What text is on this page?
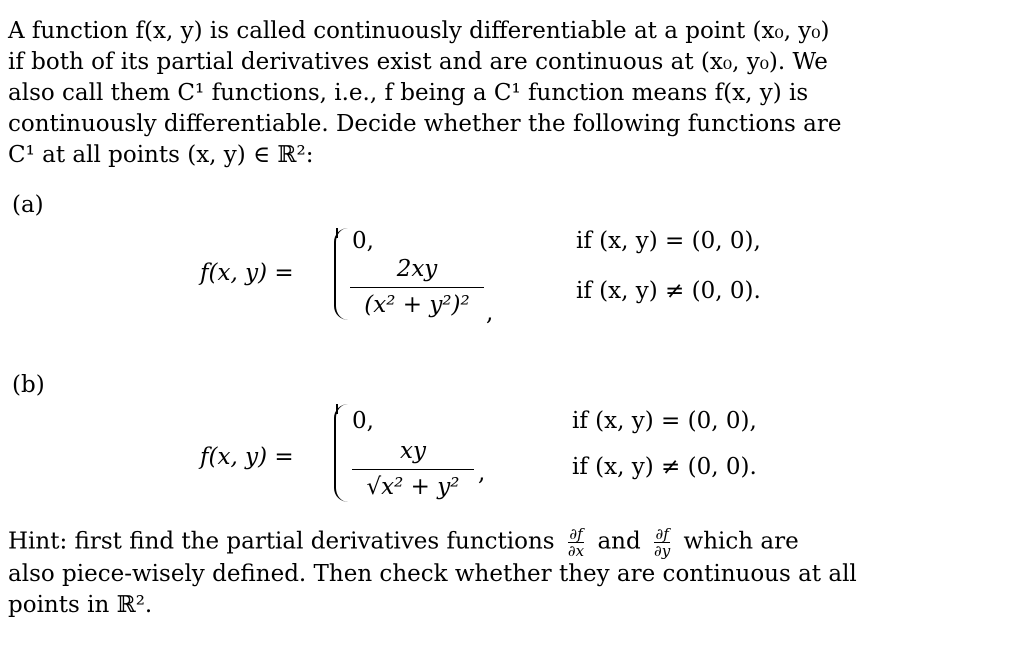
A function f(x, y) is called continuously differentiable at a point (x₀, y₀)
if both of its partial derivatives exist and are continuous at (x₀, y₀). We
also call them C¹ functions, i.e., f being a C¹ function means f(x, y) is
continuously differentiable. Decide whether the following functions are
C¹ at all points (x, y) ∈ ℝ²:
(a)
f(x, y) =
0,	if (x, y) = (0, 0),
2xy
(x² + y²)² ,
if (x, y) ≠ (0, 0).
(b)
f(x, y) =
0,	if (x, y) = (0, 0),
xy
√x² + y²
,	if (x, y) ≠ (0, 0).
Hint: first find the partial derivatives functions $\frac{\partial f}{\partial x}$ and $\frac{\partial f}{\partial y}$ which are
also piece-wisely defined. Then check whether they are continuous at all
points in ℝ².
